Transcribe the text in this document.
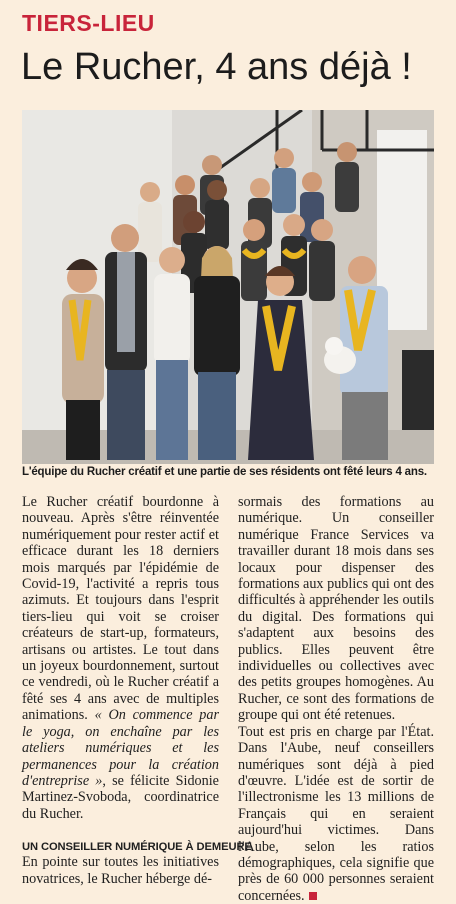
TIERS-LIEU
Le Rucher, 4 ans déjà !
L'équipe du Rucher créatif et une partie de ses résidents ont fêté leurs 4 ans.

Le Rucher créatif bourdonne à nouveau. Après s'être réinventée numériquement pour rester actif et efficace durant les 18 derniers mois marqués par l'épidémie de Covid-19, l'activité a repris tous azimuts. Et toujours dans l'esprit tiers-lieu qui voit se croiser créateurs de start-up, formateurs, artisans ou artistes. Le tout dans un joyeux bourdonnement, surtout ce vendredi, où le Rucher créatif a fêté ses 4 ans avec de multiples animations. « On commence par le yoga, on enchaîne par les ateliers numériques et les permanences pour la création d'entreprise », se félicite Sidonie Martinez-Svoboda, coordinatrice du Rucher.

UN CONSEILLER NUMÉRIQUE À DEMEURE

En pointe sur toutes les initiatives novatrices, le Rucher héberge dé-

sormais des formations au numérique. Un conseiller numérique France Services va travailler durant 18 mois dans ses locaux pour dispenser des formations aux publics qui ont des difficultés à appréhender les outils du digital. Des formations qui s'adaptent aux besoins des publics. Elles peuvent être individuelles ou collectives avec des petits groupes homogènes. Au Rucher, ce sont des formations de groupe qui ont été retenues.

Tout est pris en charge par l'État. Dans l'Aube, neuf conseillers numériques sont déjà à pied d'œuvre. L'idée est de sortir de l'illectronisme les 13 millions de Français qui en seraient aujourd'hui victimes. Dans l'Aube, selon les ratios démographiques, cela signifie que près de 60 000 personnes seraient concernées.
